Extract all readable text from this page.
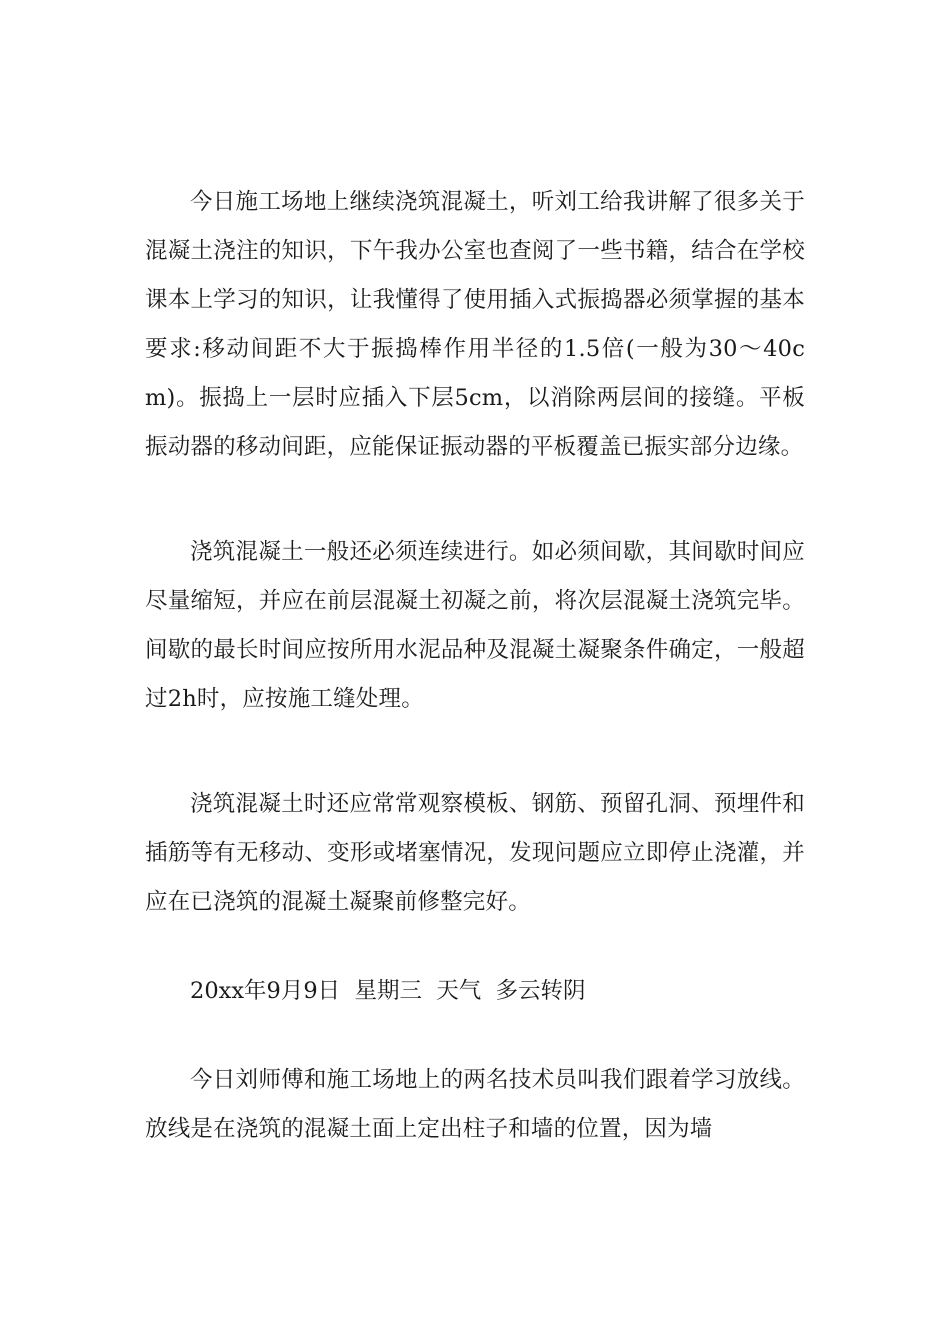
今日施工场地上继续浇筑混凝土，听刘工给我讲解了很多关于混凝土浇注的知识，下午我办公室也查阅了一些书籍，结合在学校课本上学习的知识，让我懂得了使用插入式振捣器必须掌握的基本要求:移动间距不大于振捣棒作用半径的1.5倍(一般为30～40cm)。振捣上一层时应插入下层5cm，以消除两层间的接缝。平板振动器的移动间距，应能保证振动器的平板覆盖已振实部分边缘。

浇筑混凝土一般还必须连续进行。如必须间歇，其间歇时间应尽量缩短，并应在前层混凝土初凝之前，将次层混凝土浇筑完毕。间歇的最长时间应按所用水泥品种及混凝土凝聚条件确定，一般超过2h时，应按施工缝处理。

浇筑混凝土时还应常常观察模板、钢筋、预留孔洞、预埋件和插筋等有无移动、变形或堵塞情况，发现问题应立即停止浇灌，并应在已浇筑的混凝土凝聚前修整完好。

20xx年9月9日  星期三  天气  多云转阴

今日刘师傅和施工场地上的两名技术员叫我们跟着学习放线。放线是在浇筑的混凝土面上定出柱子和墙的位置，因为墙
